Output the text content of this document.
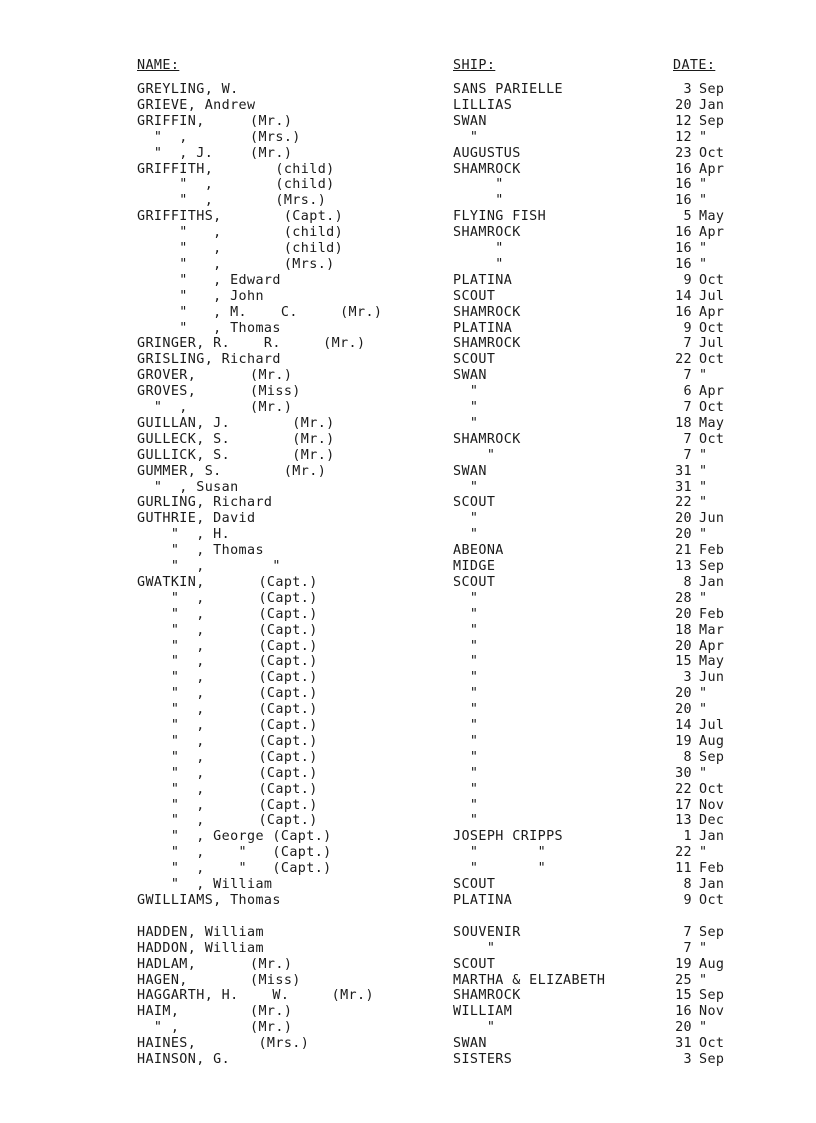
NAME:	SHIP:	DATE:
GREYLING, W.	SANS PARIELLE	3 Sep
GRIEVE, Andrew	LILLIAS	20 Jan
GRIFFIN,	(Mr.)	SWAN	12 Sep
"  ,	(Mrs.)	"	12 "
"  , J.	(Mr.)	AUGUSTUS	23 Oct
GRIFFITH,	(child)	SHAMROCK	16 Apr
"  ,	(child)	"	16 "
"  ,	(Mrs.)	"	16 "
GRIFFITHS, (Capt.)	FLYING FISH	5 May
"   , (child)	SHAMROCK	16 Apr
"   , (child)	"	16 "
"   , (Mrs.)	"	16 "
"   , Edward	PLATINA	9 Oct
"   , John	SCOUT	14 Jul
"   , M.    C.     (Mr.)	SHAMROCK	16 Apr
"   , Thomas	PLATINA	9 Oct
GRINGER, R.    R.     (Mr.)	SHAMROCK	7 Jul
GRISLING, Richard	SCOUT	22 Oct
GROVER,	(Mr.)	SWAN	7 "
GROVES,	(Miss)	"	6 Apr
"  ,	(Mr.)	"	7 Oct
GUILLAN, J. (Mr.)	"	18 May
GULLECK, S. (Mr.)	SHAMROCK	7 Oct
GULLICK, S. (Mr.)	"	7 "
GUMMER, S. (Mr.)	SWAN	31 "
"  , Susan	"	31 "
GURLING, Richard	SCOUT	22 "
GUTHRIE, David	"	20 Jun
"  , H.	"	20 "
"  , Thomas	ABEONA	21 Feb
"  ,        "	MIDGE	13 Sep
GWATKIN,	(Capt.)	SCOUT	8 Jan
"  ,	(Capt.)	"	28 "
"  ,	(Capt.)	"	20 Feb
"  ,	(Capt.)	"	18 Mar
"  ,	(Capt.)	"	20 Apr
"  ,	(Capt.)	"	15 May
"  ,	(Capt.)	"	3 Jun
"  ,	(Capt.)	"	20 "
"  ,	(Capt.)	"	20 "
"  ,	(Capt.)	"	14 Jul
"  ,	(Capt.)	"	19 Aug
"  ,	(Capt.)	"	8 Sep
"  ,	(Capt.)	"	30 "
"  ,	(Capt.)	"	22 Oct
"  ,	(Capt.)	"	17 Nov
"  ,	(Capt.)	"	13 Dec
"  , George (Capt.)	JOSEPH CRIPPS	1 Jan
"  ,    "   (Capt.)	"       "	22 "
"  ,    "   (Capt.)	"       "	11 Feb
"  , William	SCOUT	8 Jan
GWILLIAMS, Thomas	PLATINA	9 Oct
HADDEN, William	SOUVENIR	7 Sep
HADDON, William	"	7 "
HADLAM,	(Mr.)	SCOUT	19 Aug
HAGEN,	(Miss)	MARTHA & ELIZABETH	25 "
HAGGARTH, H.    W.     (Mr.)	SHAMROCK	15 Sep
HAIM,	(Mr.)	WILLIAM	16 Nov
" ,	(Mr.)	"	20 "
HAINES,	(Mrs.)	SWAN	31 Oct
HAINSON, G.	SISTERS	3 Sep
